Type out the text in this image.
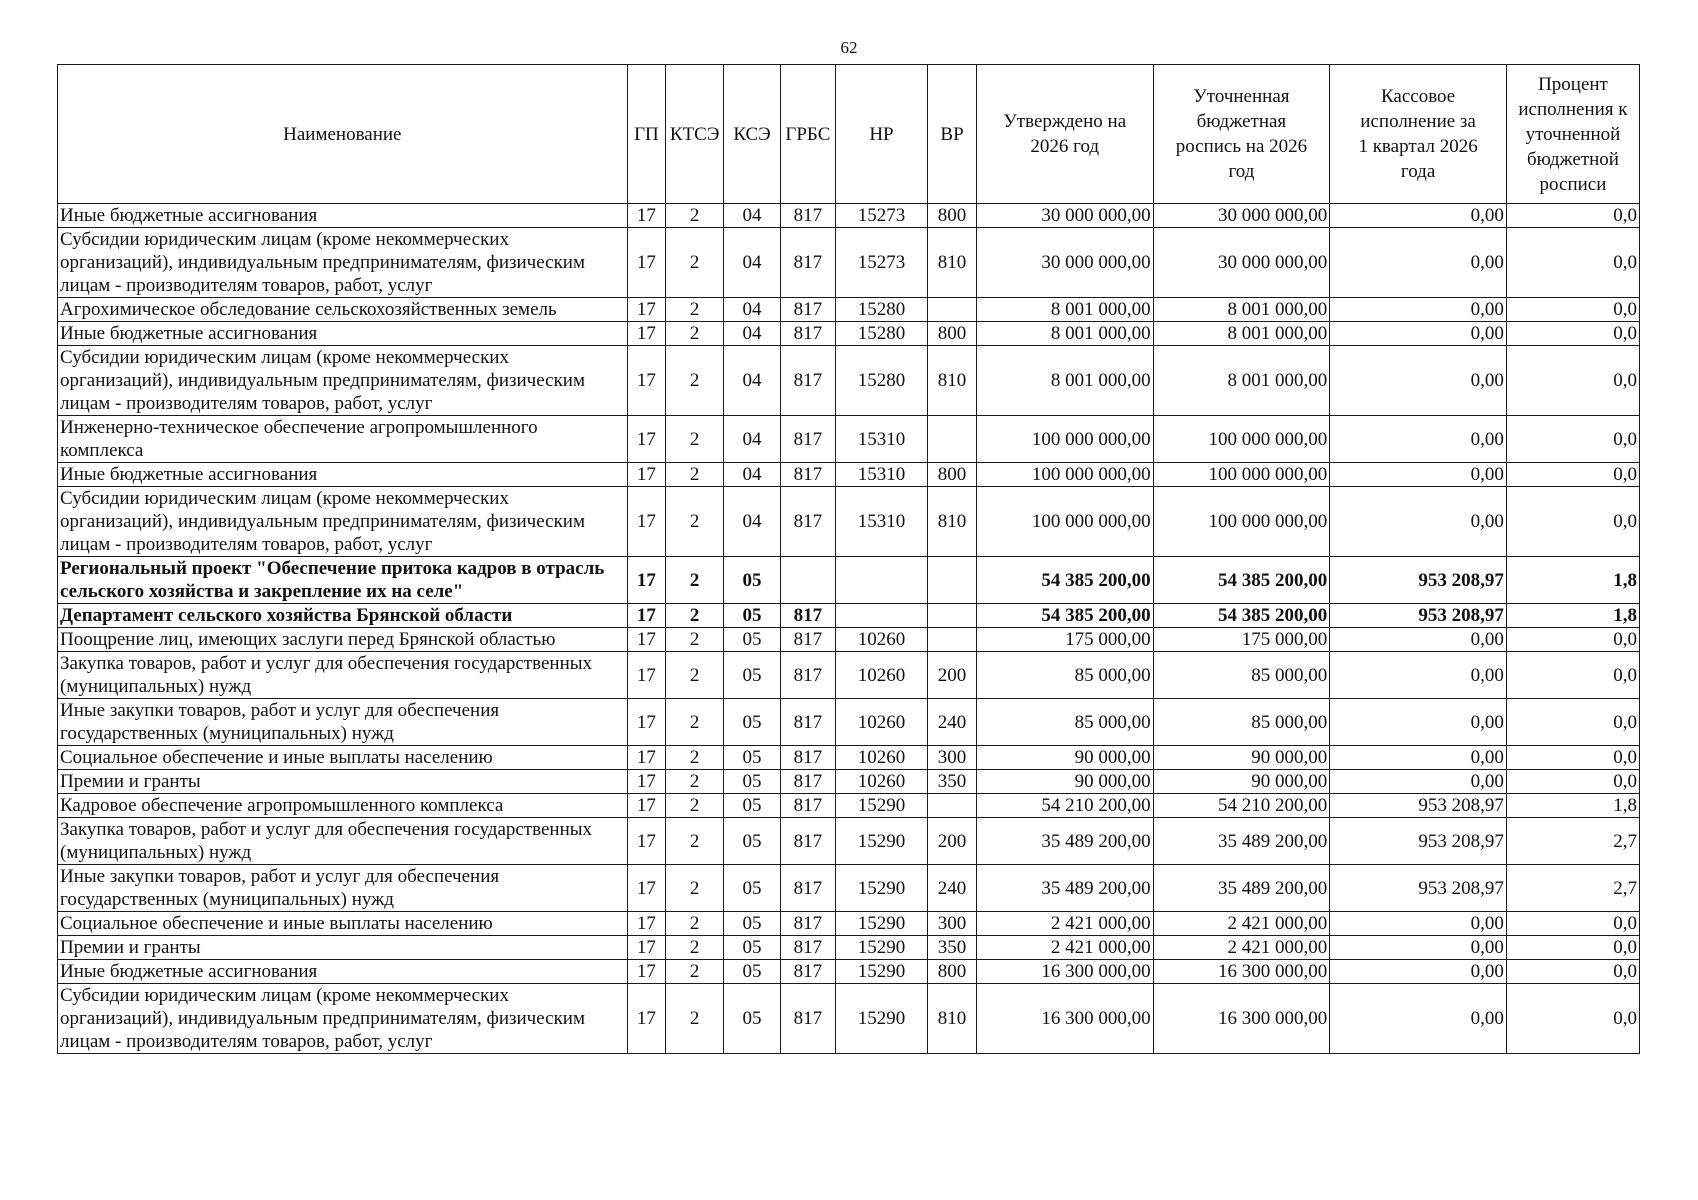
62
Наименование	ГП	КТСЭ	КСЭ	ГРБС	НР	ВР	Утверждено на 2026 год	Уточненная бюджетная роспись на 2026 год	Кассовое исполнение за 1 квартал 2026 года	Процент исполнения к уточненной бюджетной росписи
Иные бюджетные ассигнования	17	2	04	817	15273	800	30 000 000,00	30 000 000,00	0,00	0,0
Субсидии юридическим лицам (кроме некоммерческих организаций), индивидуальным предпринимателям, физическим лицам - производителям товаров, работ, услуг	17	2	04	817	15273	810	30 000 000,00	30 000 000,00	0,00	0,0
Агрохимическое обследование сельскохозяйственных земель	17	2	04	817	15280		8 001 000,00	8 001 000,00	0,00	0,0
Иные бюджетные ассигнования	17	2	04	817	15280	800	8 001 000,00	8 001 000,00	0,00	0,0
Субсидии юридическим лицам (кроме некоммерческих организаций), индивидуальным предпринимателям, физическим лицам - производителям товаров, работ, услуг	17	2	04	817	15280	810	8 001 000,00	8 001 000,00	0,00	0,0
Инженерно-техническое обеспечение агропромышленного комплекса	17	2	04	817	15310		100 000 000,00	100 000 000,00	0,00	0,0
Иные бюджетные ассигнования	17	2	04	817	15310	800	100 000 000,00	100 000 000,00	0,00	0,0
Субсидии юридическим лицам (кроме некоммерческих организаций), индивидуальным предпринимателям, физическим лицам - производителям товаров, работ, услуг	17	2	04	817	15310	810	100 000 000,00	100 000 000,00	0,00	0,0
Региональный проект "Обеспечение притока кадров в отрасль сельского хозяйства и закрепление их на селе"	17	2	05				54 385 200,00	54 385 200,00	953 208,97	1,8
Департамент сельского хозяйства Брянской области	17	2	05	817			54 385 200,00	54 385 200,00	953 208,97	1,8
Поощрение лиц, имеющих заслуги перед Брянской областью	17	2	05	817	10260		175 000,00	175 000,00	0,00	0,0
Закупка товаров, работ и услуг для обеспечения государственных (муниципальных) нужд	17	2	05	817	10260	200	85 000,00	85 000,00	0,00	0,0
Иные закупки товаров, работ и услуг для обеспечения государственных (муниципальных) нужд	17	2	05	817	10260	240	85 000,00	85 000,00	0,00	0,0
Социальное обеспечение и иные выплаты населению	17	2	05	817	10260	300	90 000,00	90 000,00	0,00	0,0
Премии и гранты	17	2	05	817	10260	350	90 000,00	90 000,00	0,00	0,0
Кадровое обеспечение агропромышленного комплекса	17	2	05	817	15290		54 210 200,00	54 210 200,00	953 208,97	1,8
Закупка товаров, работ и услуг для обеспечения государственных (муниципальных) нужд	17	2	05	817	15290	200	35 489 200,00	35 489 200,00	953 208,97	2,7
Иные закупки товаров, работ и услуг для обеспечения государственных (муниципальных) нужд	17	2	05	817	15290	240	35 489 200,00	35 489 200,00	953 208,97	2,7
Социальное обеспечение и иные выплаты населению	17	2	05	817	15290	300	2 421 000,00	2 421 000,00	0,00	0,0
Премии и гранты	17	2	05	817	15290	350	2 421 000,00	2 421 000,00	0,00	0,0
Иные бюджетные ассигнования	17	2	05	817	15290	800	16 300 000,00	16 300 000,00	0,00	0,0
Субсидии юридическим лицам (кроме некоммерческих организаций), индивидуальным предпринимателям, физическим лицам - производителям товаров, работ, услуг	17	2	05	817	15290	810	16 300 000,00	16 300 000,00	0,00	0,0
